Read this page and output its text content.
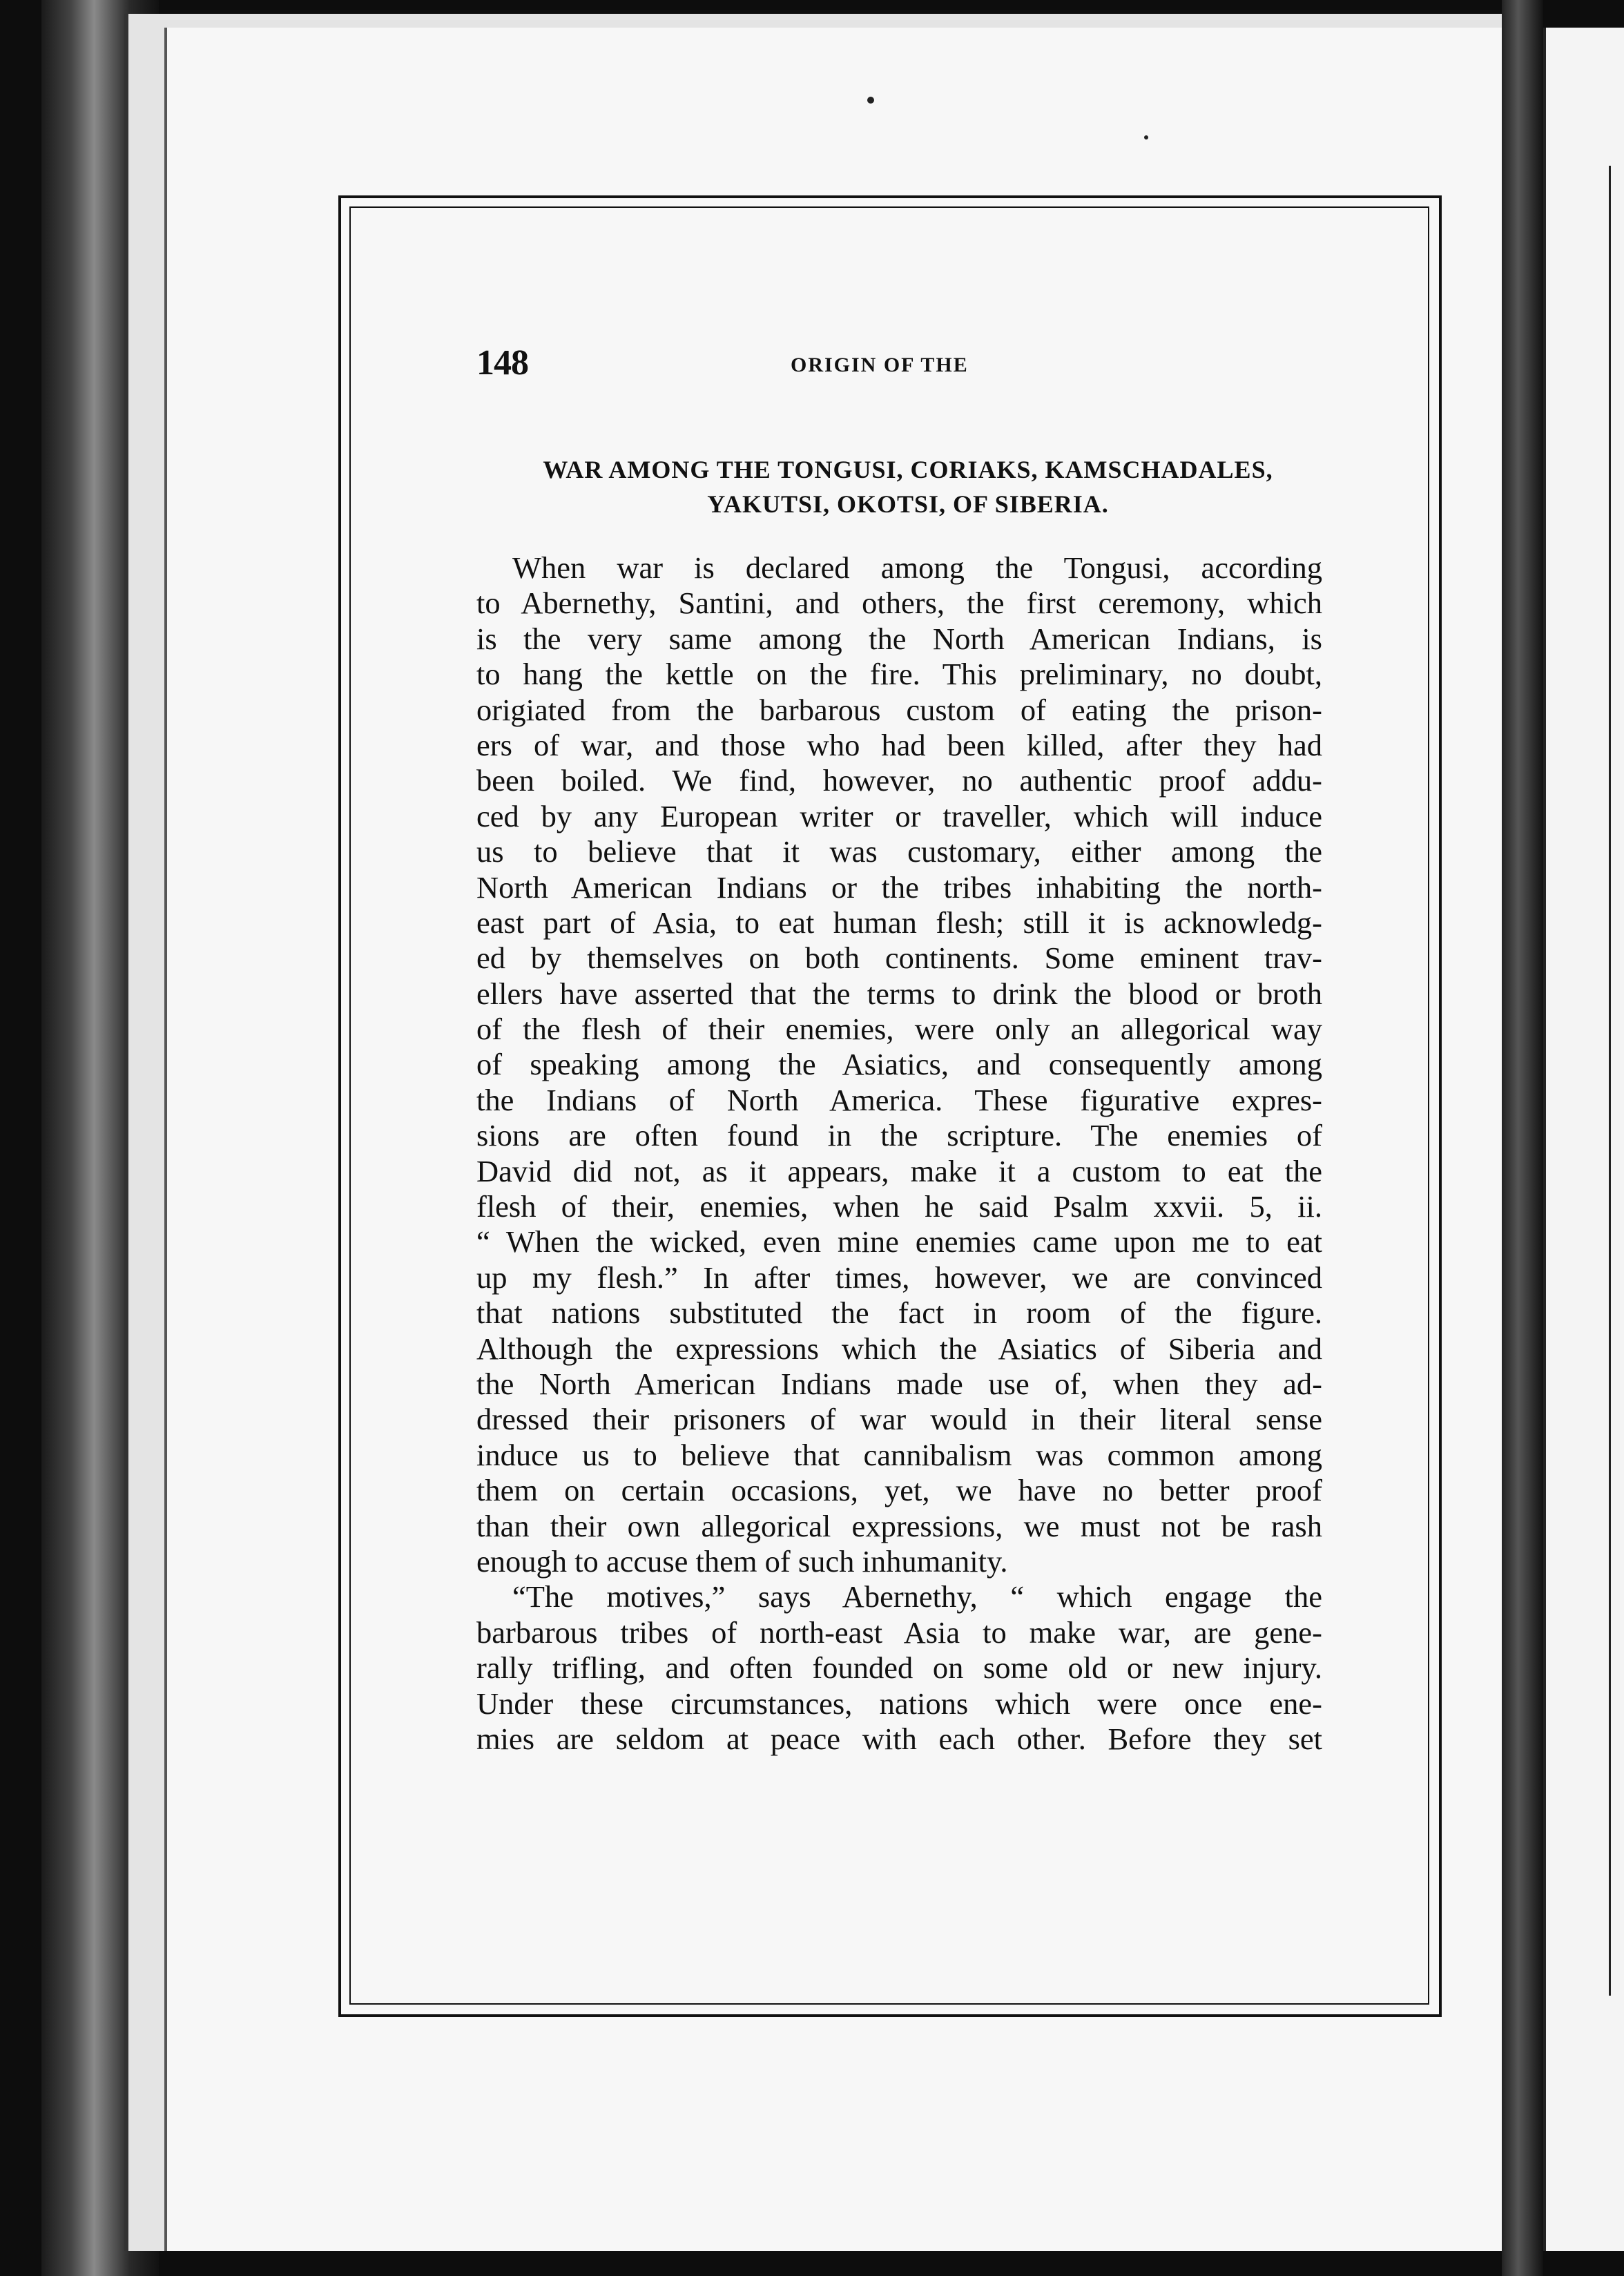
148	ORIGIN OF THE
WAR AMONG THE TONGUSI, CORIAKS, KAMSCHADALES,
YAKUTSI, OKOTSI, OF SIBERIA.
When war is declared among the Tongusi, according
to Abernethy, Santini, and others, the first ceremony, which
is the very same among the North American Indians, is
to hang the kettle on the fire. This preliminary, no doubt,
origiated from the barbarous custom of eating the prison-
ers of war, and those who had been killed, after they had
been boiled. We find, however, no authentic proof addu-
ced by any European writer or traveller, which will induce
us to believe that it was customary, either among the
North American Indians or the tribes inhabiting the north-
east part of Asia, to eat human flesh; still it is acknowledg-
ed by themselves on both continents. Some eminent trav-
ellers have asserted that the terms to drink the blood or broth
of the flesh of their enemies, were only an allegorical way
of speaking among the Asiatics, and consequently among
the Indians of North America. These figurative expres-
sions are often found in the scripture. The enemies of
David did not, as it appears, make it a custom to eat the
flesh of their, enemies, when he said Psalm xxvii. 5, ii.
“ When the wicked, even mine enemies came upon me to eat
up my flesh.” In after times, however, we are convinced
that nations substituted the fact in room of the figure.
Although the expressions which the Asiatics of Siberia and
the North American Indians made use of, when they ad-
dressed their prisoners of war would in their literal sense
induce us to believe that cannibalism was common among
them on certain occasions, yet, we have no better proof
than their own allegorical expressions, we must not be rash
enough to accuse them of such inhumanity.
“The motives,” says Abernethy, “ which engage the
barbarous tribes of north-east Asia to make war, are gene-
rally trifling, and often founded on some old or new injury.
Under these circumstances, nations which were once ene-
mies are seldom at peace with each other. Before they set
